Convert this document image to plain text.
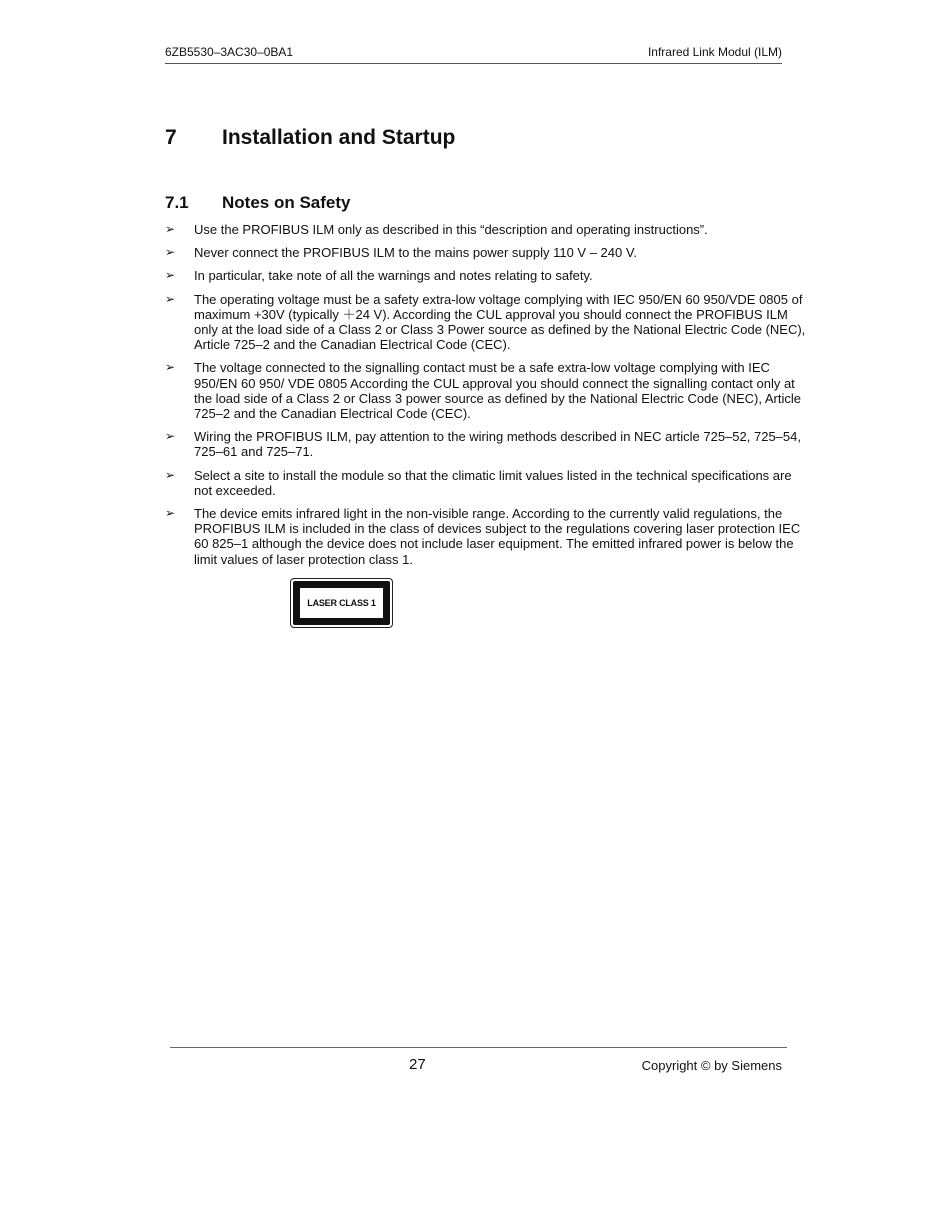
6ZB5530–3AC30–0BA1	Infrared Link Modul (ILM)
7 Installation and Startup
7.1 Notes on Safety
➢ Use the PROFIBUS ILM only as described in this “description and operating instructions”.
➢ Never connect the PROFIBUS ILM to the mains power supply 110 V – 240 V.
➢ In particular, take note of all the warnings and notes relating to safety.
➢ The operating voltage must be a safety extra-low voltage complying with IEC 950/EN 60 950/VDE 0805 of maximum +30V (typically ＋24 V). According the CUL approval you should connect the PROFIBUS ILM only at the load side of a Class 2 or Class 3 Power source as defined by the National Electric Code (NEC), Article 725–2 and the Canadian Electrical Code (CEC).
➢ The voltage connected to the signalling contact must be a safe extra-low voltage complying with IEC 950/EN 60 950/ VDE 0805 According the CUL approval you should connect the signalling contact only at the load side of a Class 2 or Class 3 power source as defined by the National Electric Code (NEC), Article 725–2 and the Canadian Electrical Code (CEC).
➢ Wiring the PROFIBUS ILM, pay attention to the wiring methods described in NEC article 725–52, 725–54, 725–61 and 725–71.
➢ Select a site to install the module so that the climatic limit values listed in the technical specifications are not exceeded.
➢ The device emits infrared light in the non-visible range. According to the currently valid regulations, the PROFIBUS ILM is included in the class of devices subject to the regulations covering laser protection IEC 60 825–1 although the device does not include laser equipment. The emitted infrared power is below the limit values of laser protection class 1.
LASER CLASS 1
27	Copyright © by Siemens
